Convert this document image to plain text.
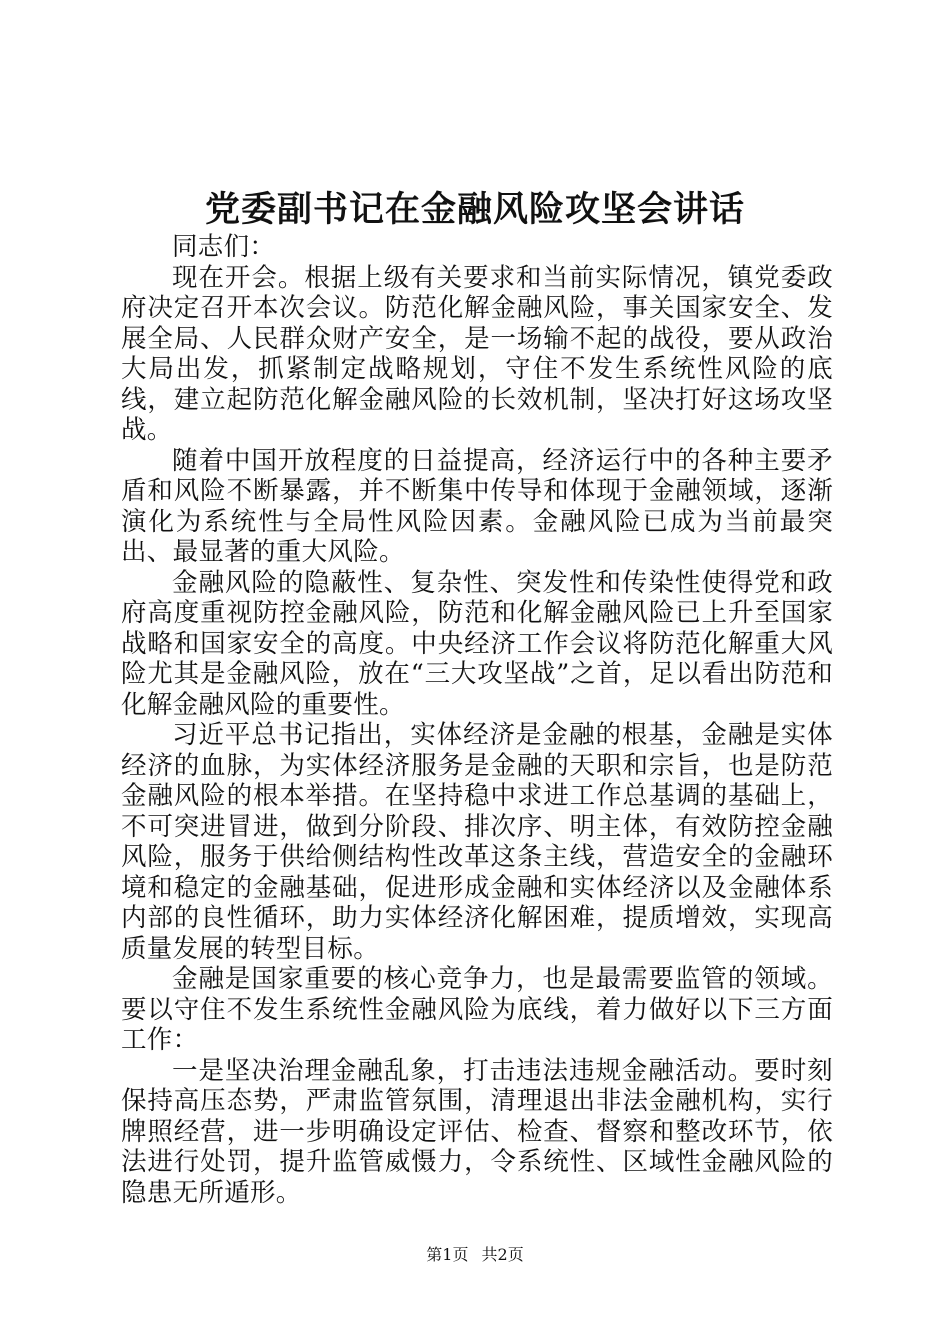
党委副书记在金融风险攻坚会讲话

同志们：

现在开会。根据上级有关要求和当前实际情况，镇党委政府决定召开本次会议。防范化解金融风险，事关国家安全、发展全局、人民群众财产安全，是一场输不起的战役，要从政治大局出发，抓紧制定战略规划，守住不发生系统性风险的底线，建立起防范化解金融风险的长效机制，坚决打好这场攻坚战。

随着中国开放程度的日益提高，经济运行中的各种主要矛盾和风险不断暴露，并不断集中传导和体现于金融领域，逐渐演化为系统性与全局性风险因素。金融风险已成为当前最突出、最显著的重大风险。

金融风险的隐蔽性、复杂性、突发性和传染性使得党和政府高度重视防控金融风险，防范和化解金融风险已上升至国家战略和国家安全的高度。中央经济工作会议将防范化解重大风险尤其是金融风险，放在“三大攻坚战”之首，足以看出防范和化解金融风险的重要性。

习近平总书记指出，实体经济是金融的根基，金融是实体经济的血脉，为实体经济服务是金融的天职和宗旨，也是防范金融风险的根本举措。在坚持稳中求进工作总基调的基础上，不可突进冒进，做到分阶段、排次序、明主体，有效防控金融风险，服务于供给侧结构性改革这条主线，营造安全的金融环境和稳定的金融基础，促进形成金融和实体经济以及金融体系内部的良性循环，助力实体经济化解困难，提质增效，实现高质量发展的转型目标。

金融是国家重要的核心竞争力，也是最需要监管的领域。要以守住不发生系统性金融风险为底线，着力做好以下三方面工作：

一是坚决治理金融乱象，打击违法违规金融活动。要时刻保持高压态势，严肃监管氛围，清理退出非法金融机构，实行牌照经营，进一步明确设定评估、检查、督察和整改环节，依法进行处罚，提升监管威慑力，令系统性、区域性金融风险的隐患无所遁形。

第1页 共2页
